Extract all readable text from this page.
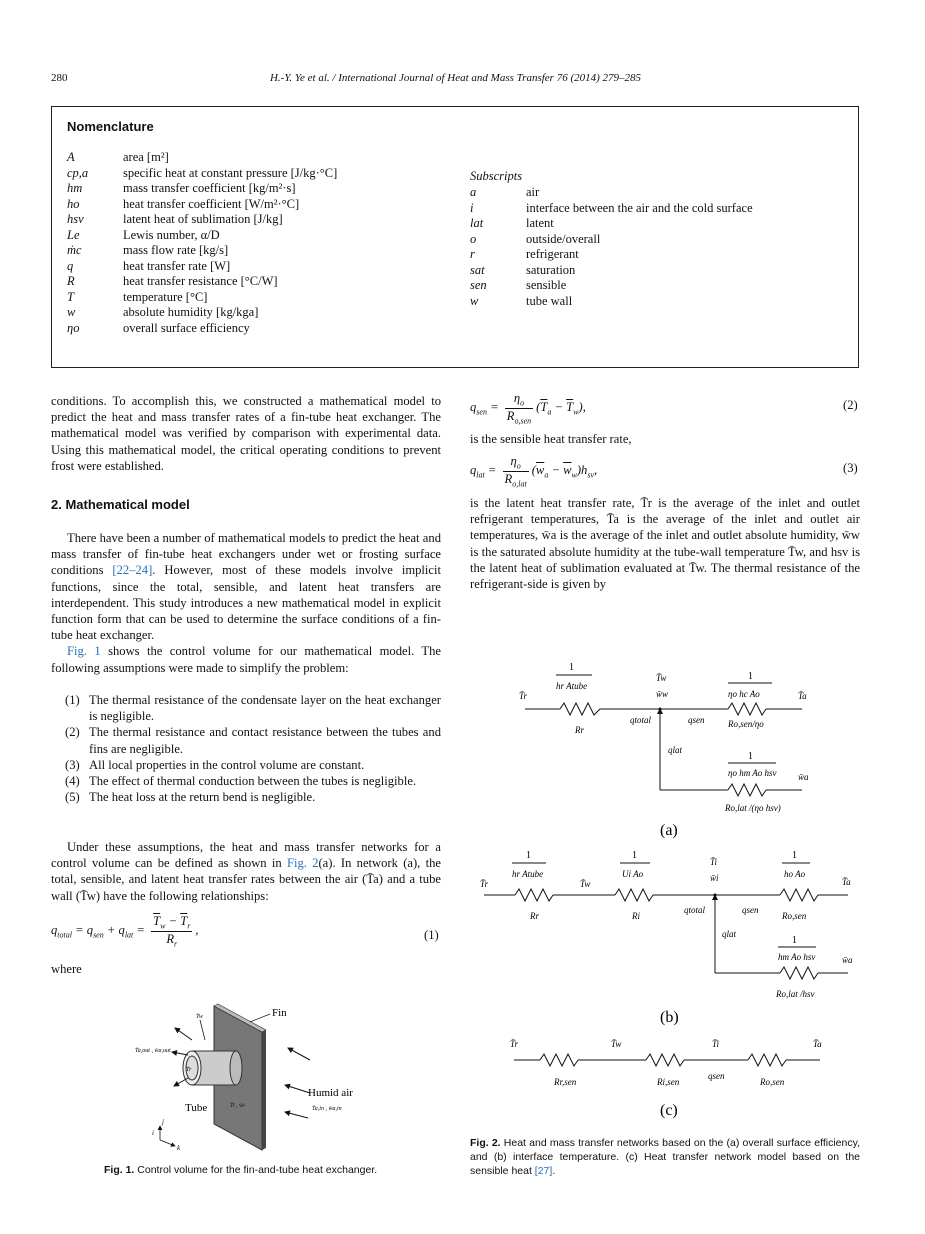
280	H.-Y. Ye et al. / International Journal of Heat and Mass Transfer 76 (2014) 279–285
Nomenclature
A	area [m²]
cp,a	specific heat at constant pressure [J/kg·°C]
hm	mass transfer coefficient [kg/m²·s]
ho	heat transfer coefficient [W/m²·°C]
hsv	latent heat of sublimation [J/kg]
Le	Lewis number, α/D
ṁc	mass flow rate [kg/s]
q	heat transfer rate [W]
R	heat transfer resistance [°C/W]
T	temperature [°C]
w	absolute humidity [kg/kga]
ηo	overall surface efficiency
Subscripts
a	air
i	interface between the air and the cold surface
lat	latent
o	outside/overall
r	refrigerant
sat	saturation
sen	sensible
w	tube wall

conditions. To accomplish this, we constructed a mathematical model to predict the heat and mass transfer rates of a fin-tube heat exchanger. The mathematical model was verified by comparison with experimental data. Using this mathematical model, the critical operating conditions to prevent frost were established.

2. Mathematical model

There have been a number of mathematical models to predict the heat and mass transfer of fin-tube heat exchangers under wet or frosting surface conditions [22–24]. However, most of these models involve implicit functions, since the total, sensible, and latent heat transfers are interdependent. This study introduces a new mathematical model in explicit function form that can be used to determine the surface conditions of a fin-tube heat exchanger.

Fig. 1 shows the control volume for our mathematical model. The following assumptions were made to simplify the problem:

(1) The thermal resistance of the condensate layer on the heat exchanger is negligible.
(2) The thermal resistance and contact resistance between the tubes and fins are negligible.
(3) All local properties in the control volume are constant.
(4) The effect of thermal conduction between the tubes is negligible.
(5) The heat loss at the return bend is negligible.

Under these assumptions, the heat and mass transfer networks for a control volume can be defined as shown in Fig. 2(a). In network (a), the total, sensible, and latent heat transfer rates between the air (T̄a) and a tube wall (T̄w) have the following relationships:

$q_{total} = q_{sen} + q_{lat} = \frac{\overline{T}_w - \overline{T}_r}{R_r}$ ,	(1)
where
T̄r
T̄w
T̄a,out , w̄a,out
Fin
Humid air
T̄a,in , w̄a,in
Tube	T̄i , w̄i
j
i
k
Fig. 1. Control volume for the fin-and-tube heat exchanger.
$q_{sen} = \frac{\eta_o}{R_{o,sen}} (\overline{T}_a - \overline{T}_w)$,	(2)
is the sensible heat transfer rate,
$q_{lat} = \frac{\eta_o}{R_{o,lat}} (\overline{w}_a - \overline{w}_w)h_{sv}$,	(3)

is the latent heat transfer rate, T̄r is the average of the inlet and outlet refrigerant temperatures, T̄a is the average of the inlet and outlet air temperatures, w̄a is the average of the inlet and outlet absolute humidity, w̄w is the saturated absolute humidity at the tube-wall temperature T̄w, and hsv is the latent heat of sublimation evaluated at T̄w. The thermal resistance of the refrigerant-side is given by

T̄r
1
hr Atube
Rr
T̄w
w̄w
1
ηo hc Ao
Ro,sen/ηo
T̄a
qtotal	qsen
qlat
1
ηo hm Ao hsv w̄a
Ro,lat /(ηo hsv)
(a)
T̄r
1
hr Atube
Rr
T̄w
1
Ui Ao
Ri
T̄i
w̄i
1
ho Ao
Ro,sen
T̄a
qtotal	qsen
qlat
1
hm Ao hsv	w̄a
Ro,lat /hsv
(b)
T̄r
Rr,sen
T̄w
Ri,sen
T̄i
qsen
Ro,sen
T̄a
(c)
Fig. 2. Heat and mass transfer networks based on the (a) overall surface efficiency, and (b) interface temperature. (c) Heat transfer network model based on the sensible heat [27].
